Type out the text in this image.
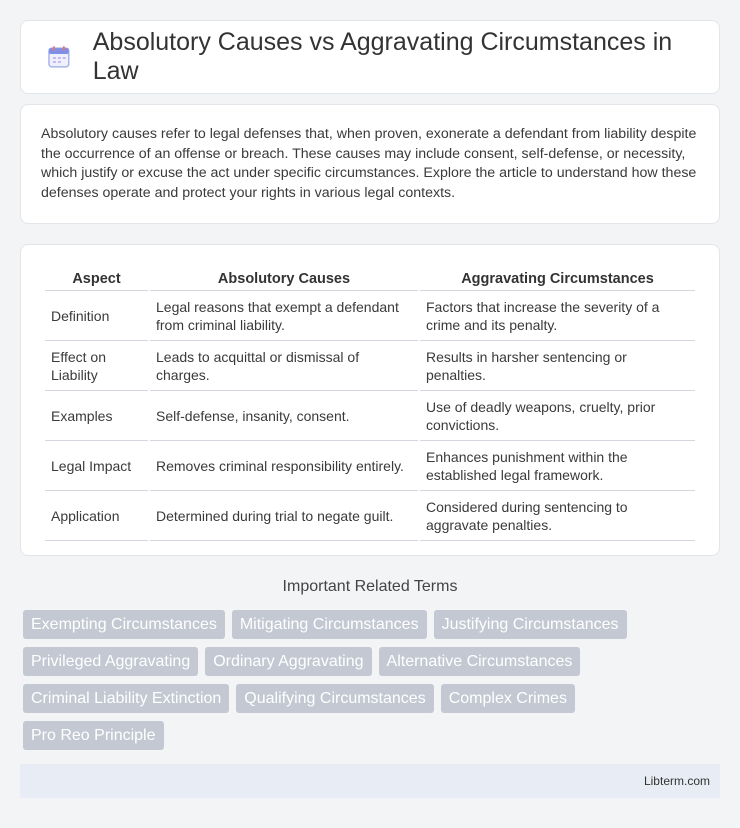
Absolutory Causes vs Aggravating Circumstances in Law

Absolutory causes refer to legal defenses that, when proven, exonerate a defendant from liability despite the occurrence of an offense or breach. These causes may include consent, self-defense, or necessity, which justify or excuse the act under specific circumstances. Explore the article to understand how these defenses operate and protect your rights in various legal contexts.

Aspect	Absolutory Causes	Aggravating Circumstances
Definition	Legal reasons that exempt a defendant from criminal liability.	Factors that increase the severity of a crime and its penalty.
Effect on Liability	Leads to acquittal or dismissal of charges.	Results in harsher sentencing or penalties.
Examples	Self-defense, insanity, consent.	Use of deadly weapons, cruelty, prior convictions.
Legal Impact	Removes criminal responsibility entirely.	Enhances punishment within the established legal framework.
Application	Determined during trial to negate guilt.	Considered during sentencing to aggravate penalties.
Important Related Terms
Exempting Circumstances	Mitigating Circumstances	Justifying Circumstances
Privileged Aggravating	Ordinary Aggravating	Alternative Circumstances
Criminal Liability Extinction	Qualifying Circumstances	Complex Crimes
Pro Reo Principle
Libterm.com
